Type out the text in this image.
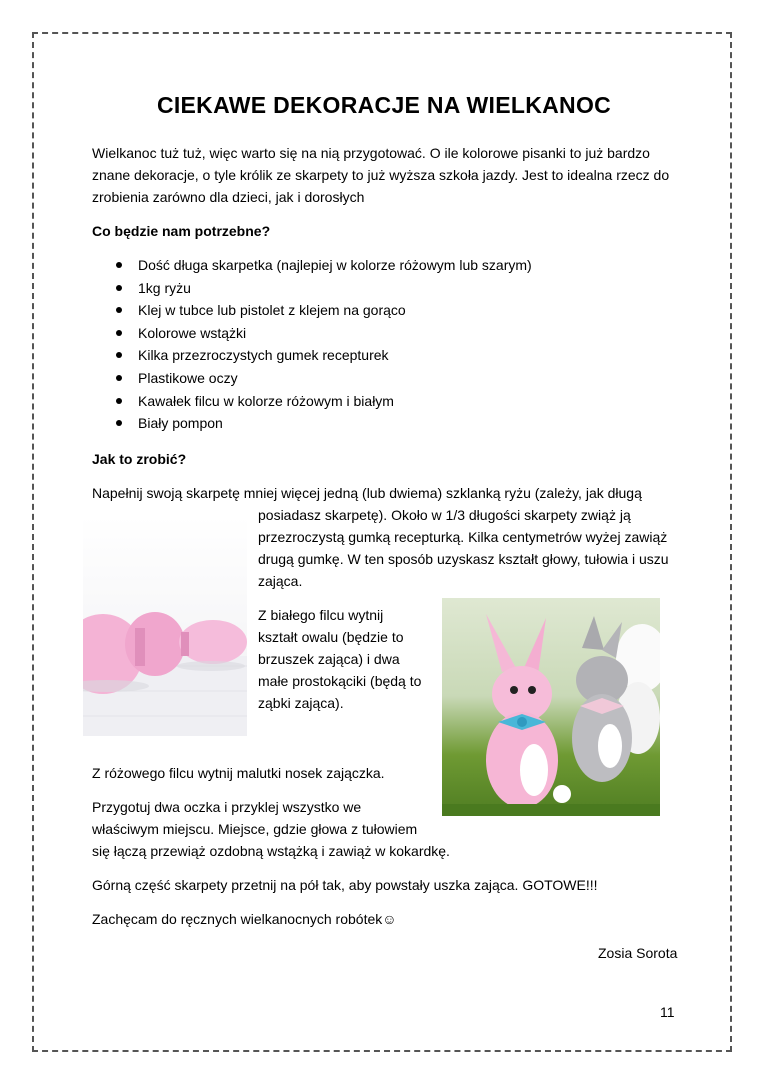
CIEKAWE DEKORACJE NA WIELKANOC

Wielkanoc tuż tuż, więc warto się na nią przygotować. O ile kolorowe pisanki to już bardzo

znane dekoracje, o tyle królik ze skarpety to już wyższa szkoła jazdy. Jest to idealna rzecz do

zrobienia zarówno dla dzieci, jak i dorosłych

Co będzie nam potrzebne?

Dość długa skarpetka (najlepiej w kolorze różowym lub szarym)
1kg ryżu
Klej w tubce lub pistolet z klejem na gorąco
Kolorowe wstążki
Kilka przezroczystych gumek recepturek
Plastikowe oczy
Kawałek filcu w kolorze różowym i białym
Biały pompon

Jak to zrobić?

Napełnij swoją skarpetę mniej więcej jedną (lub dwiema) szklanką ryżu (zależy, jak długą

posiadasz skarpetę). Około w 1/3 długości skarpety zwiąż ją

przezroczystą gumką recepturką. Kilka centymetrów wyżej zawiąż

drugą gumkę. W ten sposób uzyskasz kształt głowy, tułowia i uszu

zająca.

Z białego filcu wytnij

kształt owalu (będzie to

brzuszek zająca) i dwa

małe prostokąciki (będą to

ząbki zająca).

Z różowego filcu wytnij malutki nosek zajączka.

Przygotuj dwa oczka i przyklej wszystko we

właściwym miejscu. Miejsce, gdzie głowa z tułowiem

się łączą przewiąż ozdobną wstążką i zawiąż w kokardkę.

Górną część skarpety przetnij na pół tak, aby powstały uszka zająca. GOTOWE!!!

Zachęcam do ręcznych wielkanocnych robótek☺

Zosia Sorota

11
